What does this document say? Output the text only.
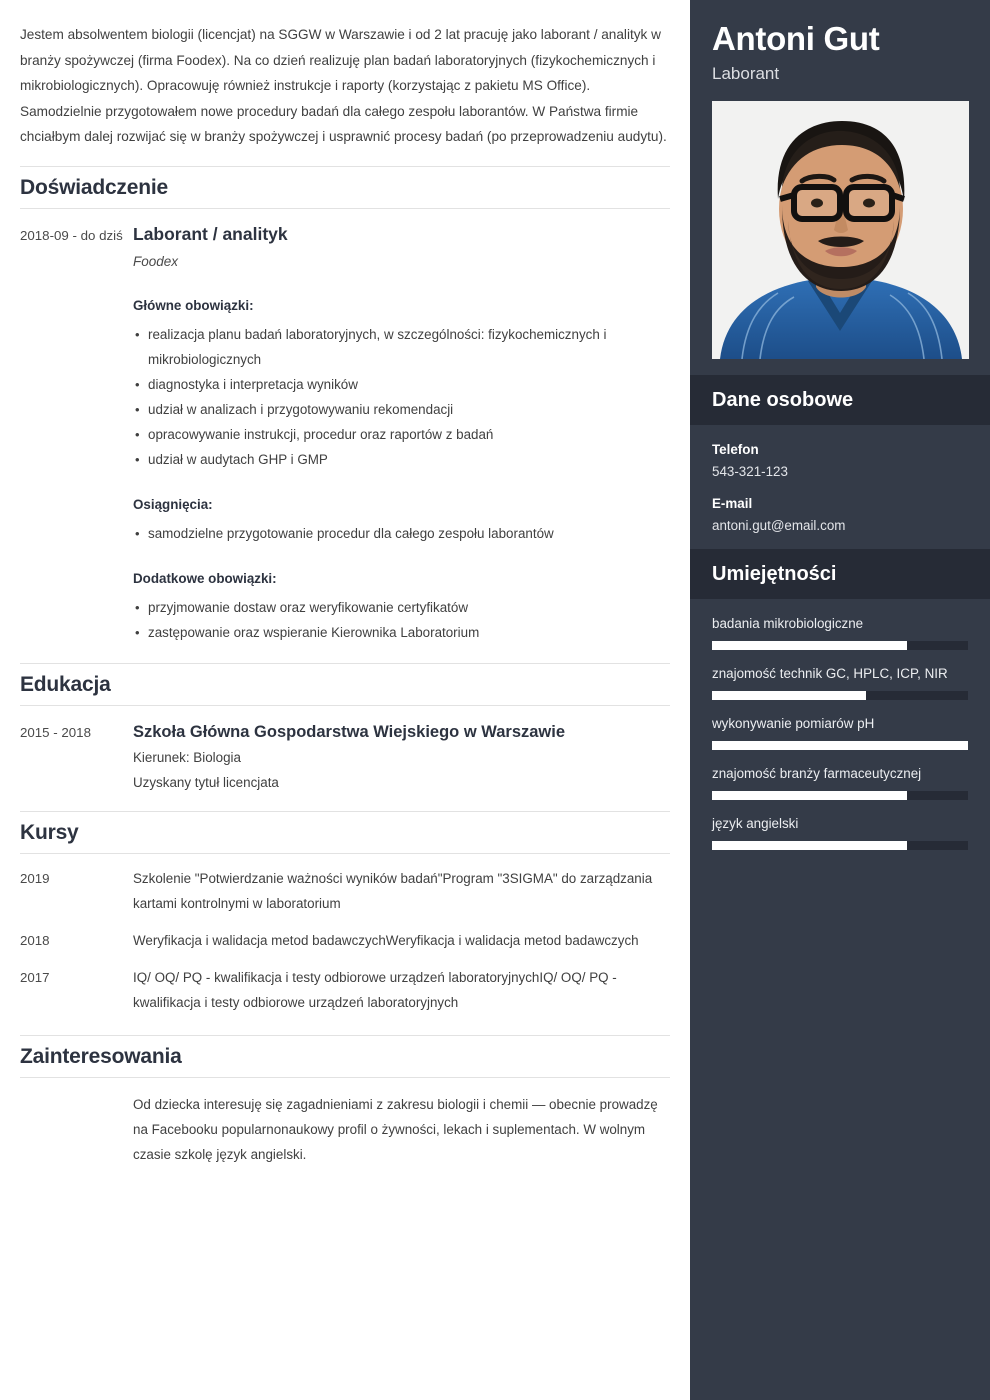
Jestem absolwentem biologii (licencjat) na SGGW w Warszawie i od 2 lat pracuję jako laborant / analityk w branży spożywczej (firma Foodex). Na co dzień realizuję plan badań laboratoryjnych (fizykochemicznych i mikrobiologicznych). Opracowuję również instrukcje i raporty (korzystając z pakietu MS Office). Samodzielnie przygotowałem nowe procedury badań dla całego zespołu laborantów. W Państwa firmie chciałbym dalej rozwijać się w branży spożywczej i usprawnić procesy badań (po przeprowadzeniu audytu).

Doświadczenie
2018-09 - do dziś Laborant / analityk
Foodex
Główne obowiązki:
• realizacja planu badań laboratoryjnych, w szczególności: fizykochemicznych i mikrobiologicznych
• diagnostyka i interpretacja wyników
• udział w analizach i przygotowywaniu rekomendacji
• opracowywanie instrukcji, procedur oraz raportów z badań
• udział w audytach GHP i GMP
Osiągnięcia:
• samodzielne przygotowanie procedur dla całego zespołu laborantów
Dodatkowe obowiązki:
• przyjmowanie dostaw oraz weryfikowanie certyfikatów
• zastępowanie oraz wspieranie Kierownika Laboratorium
Edukacja
2015 - 2018	Szkoła Główna Gospodarstwa Wiejskiego w Warszawie
Kierunek: Biologia
Uzyskany tytuł licencjata
Kursy
2019	Szkolenie "Potwierdzanie ważności wyników badań"Program "3SIGMA" do zarządzania kartami kontrolnymi w laboratorium
2018	Weryfikacja i walidacja metod badawczychWeryfikacja i walidacja metod badawczych
2017	IQ/ OQ/ PQ - kwalifikacja i testy odbiorowe urządzeń laboratoryjnychIQ/ OQ/ PQ - kwalifikacja i testy odbiorowe urządzeń laboratoryjnych
Zainteresowania
Od dziecka interesuję się zagadnieniami z zakresu biologii i chemii — obecnie prowadzę na Facebooku popularnonaukowy profil o żywności, lekach i suplementach. W wolnym czasie szkolę język angielski.
Antoni Gut
Laborant
Dane osobowe
Telefon
543-321-123
E-mail
antoni.gut@email.com
Umiejętności
badania mikrobiologiczne
znajomość technik GC, HPLC, ICP, NIR
wykonywanie pomiarów pH
znajomość branży farmaceutycznej
język angielski
